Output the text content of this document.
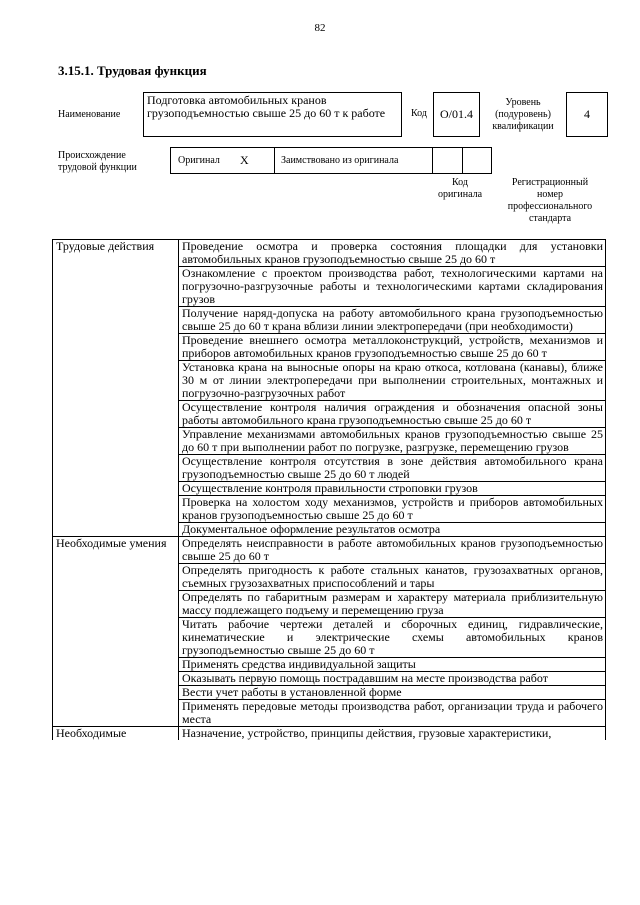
82
3.15.1. Трудовая функция
Наименование
Подготовка автомобильных кранов грузоподъемностью свыше 25 до 60 т к работе	Код	О/01.4
Уровень (подуровень) квалификации
4
Происхождение трудовой функции
Оригинал X	Заимствовано из оригинала
Код оригинала
Регистрационный номер профессионального стандарта
Трудовые действия	Проведение осмотра и проверка состояния площадки для установки автомобильных кранов грузоподъемностью свыше 25 до 60 т
	Ознакомление с проектом производства работ, технологическими картами на погрузочно-разгрузочные работы и технологическими картами складирования грузов
	Получение наряд-допуска на работу автомобильного крана грузоподъемностью свыше 25 до 60 т крана вблизи линии электропередачи (при необходимости)
	Проведение внешнего осмотра металлоконструкций, устройств, механизмов и приборов автомобильных кранов грузоподъемностью свыше 25 до 60 т
	Установка крана на выносные опоры на краю откоса, котлована (канавы), ближе 30 м от линии электропередачи при выполнении строительных, монтажных и погрузочно-разгрузочных работ
	Осуществление контроля наличия ограждения и обозначения опасной зоны работы автомобильного крана грузоподъемностью свыше 25 до 60 т
	Управление механизмами автомобильных кранов грузоподъемностью свыше 25 до 60 т при выполнении работ по погрузке, разгрузке, перемещению грузов
	Осуществление контроля отсутствия в зоне действия автомобильного крана грузоподъемностью свыше 25 до 60 т людей
	Осуществление контроля правильности строповки грузов
	Проверка на холостом ходу механизмов, устройств и приборов автомобильных кранов грузоподъемностью свыше 25 до 60 т
	Документальное оформление результатов осмотра
Необходимые умения	Определять неисправности в работе автомобильных кранов грузоподъемностью свыше 25 до 60 т
	Определять пригодность к работе стальных канатов, грузозахватных органов, съемных грузозахватных приспособлений и тары
	Определять по габаритным размерам и характеру материала приблизительную массу подлежащего подъему и перемещению груза
	Читать рабочие чертежи деталей и сборочных единиц, гидравлические, кинематические и электрические схемы автомобильных кранов грузоподъемностью свыше 25 до 60 т
	Применять средства индивидуальной защиты
	Оказывать первую помощь пострадавшим на месте производства работ
	Вести учет работы в установленной форме
	Применять передовые методы производства работ, организации труда и рабочего места
Необходимые	Назначение, устройство, принципы действия, грузовые характеристики,
